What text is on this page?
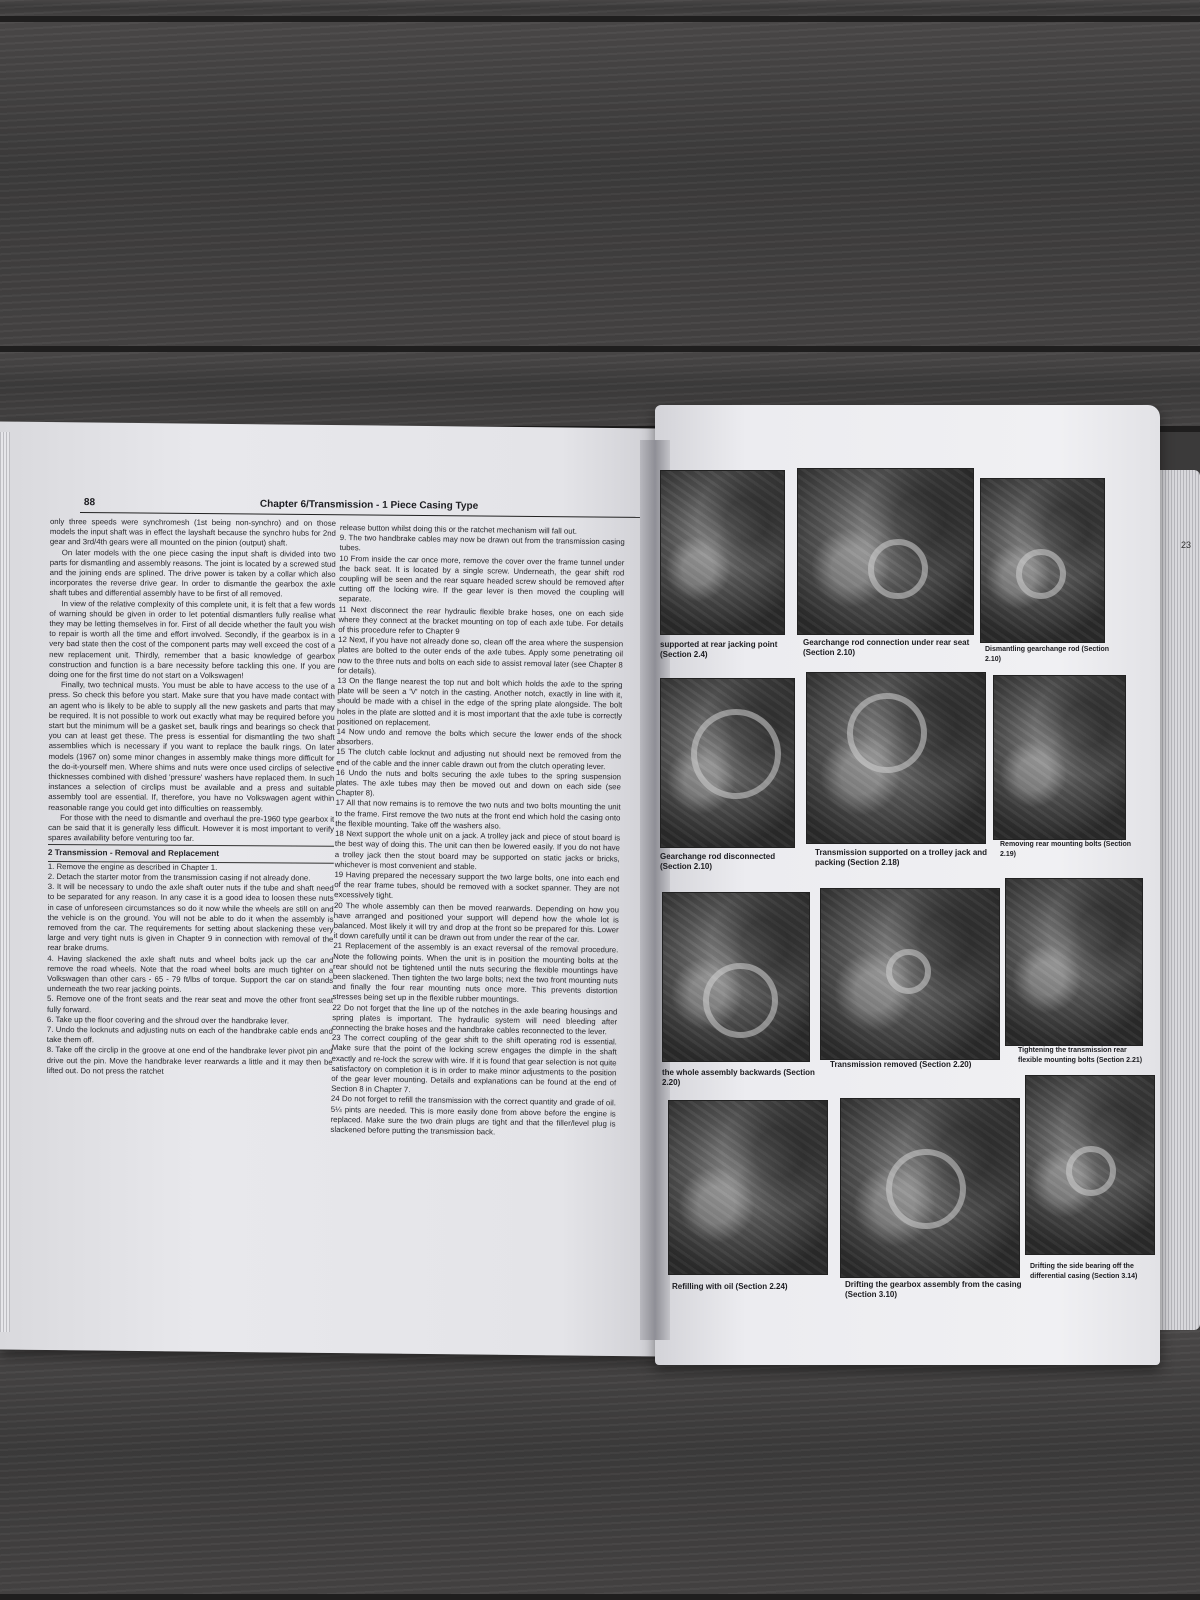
23
88	Chapter 6/Transmission - 1 Piece Casing Type

only three speeds were synchromesh (1st being non-synchro) and on those models the input shaft was in effect the layshaft because the synchro hubs for 2nd gear and 3rd/4th gears were all mounted on the pinion (output) shaft.

On later models with the one piece casing the input shaft is divided into two parts for dismantling and assembly reasons. The joint is located by a screwed stud and the joining ends are splined. The drive power is taken by a collar which also incorporates the reverse drive gear. In order to dismantle the gearbox the axle shaft tubes and differential assembly have to be first of all removed.

In view of the relative complexity of this complete unit, it is felt that a few words of warning should be given in order to let potential dismantlers fully realise what they may be letting themselves in for. First of all decide whether the fault you wish to repair is worth all the time and effort involved. Secondly, if the gearbox is in a very bad state then the cost of the component parts may well exceed the cost of a new replacement unit. Thirdly, remember that a basic knowledge of gearbox construction and function is a bare necessity before tackling this one. If you are doing one for the first time do not start on a Volkswagen!

Finally, two technical musts. You must be able to have access to the use of a press. So check this before you start. Make sure that you have made contact with an agent who is likely to be able to supply all the new gaskets and parts that may be required. It is not possible to work out exactly what may be required before you start but the minimum will be a gasket set, baulk rings and bearings so check that you can at least get these. The press is essential for dismantling the two shaft assemblies which is necessary if you want to replace the baulk rings. On later models (1967 on) some minor changes in assembly make things more difficult for the do-it-yourself men. Where shims and nuts were once used circlips of selective thicknesses combined with dished 'pressure' washers have replaced them. In such instances a selection of circlips must be available and a press and suitable assembly tool are essential. If, therefore, you have no Volkswagen agent within reasonable range you could get into difficulties on reassembly.

For those with the need to dismantle and overhaul the pre-1960 type gearbox it can be said that it is generally less difficult. However it is most important to verify spares availability before venturing too far.

2 Transmission - Removal and Replacement

1. Remove the engine as described in Chapter 1.

2. Detach the starter motor from the transmission casing if not already done.

3. It will be necessary to undo the axle shaft outer nuts if the tube and shaft need to be separated for any reason. In any case it is a good idea to loosen these nuts in case of unforeseen circumstances so do it now while the wheels are still on and the vehicle is on the ground. You will not be able to do it when the assembly is removed from the car. The requirements for setting about slackening these very large and very tight nuts is given in Chapter 9 in connection with removal of the rear brake drums.

4. Having slackened the axle shaft nuts and wheel bolts jack up the car and remove the road wheels. Note that the road wheel bolts are much tighter on a Volkswagen than other cars - 65 - 79 ft/lbs of torque. Support the car on stands underneath the two rear jacking points.

5. Remove one of the front seats and the rear seat and move the other front seat fully forward.

6. Take up the floor covering and the shroud over the handbrake lever.

7. Undo the locknuts and adjusting nuts on each of the handbrake cable ends and take them off.

8. Take off the circlip in the groove at one end of the handbrake lever pivot pin and drive out the pin. Move the handbrake lever rearwards a little and it may then be lifted out. Do not press the ratchet

release button whilst doing this or the ratchet mechanism will fall out.

9. The two handbrake cables may now be drawn out from the transmission casing tubes.

10 From inside the car once more, remove the cover over the frame tunnel under the back seat. It is located by a single screw. Underneath, the gear shift rod coupling will be seen and the rear square headed screw should be removed after cutting off the locking wire. If the gear lever is then moved the coupling will separate.

11 Next disconnect the rear hydraulic flexible brake hoses, one on each side where they connect at the bracket mounting on top of each axle tube. For details of this procedure refer to Chapter 9

12 Next, if you have not already done so, clean off the area where the suspension plates are bolted to the outer ends of the axle tubes. Apply some penetrating oil now to the three nuts and bolts on each side to assist removal later (see Chapter 8 for details).

13 On the flange nearest the top nut and bolt which holds the axle to the spring plate will be seen a 'V' notch in the casting. Another notch, exactly in line with it, should be made with a chisel in the edge of the spring plate alongside. The bolt holes in the plate are slotted and it is most important that the axle tube is correctly positioned on replacement.

14 Now undo and remove the bolts which secure the lower ends of the shock absorbers.

15 The clutch cable locknut and adjusting nut should next be removed from the end of the cable and the inner cable drawn out from the clutch operating lever.

16 Undo the nuts and bolts securing the axle tubes to the spring suspension plates. The axle tubes may then be moved out and down on each side (see Chapter 8).

17 All that now remains is to remove the two nuts and two bolts mounting the unit to the frame. First remove the two nuts at the front end which hold the casing onto the flexible mounting. Take off the washers also.

18 Next support the whole unit on a jack. A trolley jack and piece of stout board is the best way of doing this. The unit can then be lowered easily. If you do not have a trolley jack then the stout board may be supported on static jacks or bricks, whichever is most convenient and stable.

19 Having prepared the necessary support the two large bolts, one into each end of the rear frame tubes, should be removed with a socket spanner. They are not excessively tight.

20 The whole assembly can then be moved rearwards. Depending on how you have arranged and positioned your support will depend how the whole lot is balanced. Most likely it will try and drop at the front so be prepared for this. Lower it down carefully until it can be drawn out from under the rear of the car.

21 Replacement of the assembly is an exact reversal of the removal procedure. Note the following points. When the unit is in position the mounting bolts at the rear should not be tightened until the nuts securing the flexible mountings have been slackened. Then tighten the two large bolts; next the two front mounting nuts and finally the four rear mounting nuts once more. This prevents distortion stresses being set up in the flexible rubber mountings.

22 Do not forget that the line up of the notches in the axle bearing housings and spring plates is important. The hydraulic system will need bleeding after connecting the brake hoses and the handbrake cables reconnected to the lever.

23 The correct coupling of the gear shift to the shift operating rod is essential. Make sure that the point of the locking screw engages the dimple in the shaft exactly and re-lock the screw with wire. If it is found that gear selection is not quite satisfactory on completion it is in order to make minor adjustments to the position of the gear lever mounting. Details and explanations can be found at the end of Section 8 in Chapter 7.

24 Do not forget to refill the transmission with the correct quantity and grade of oil. 5¼ pints are needed. This is more easily done from above before the engine is replaced. Make sure the two drain plugs are tight and that the filler/level plug is slackened before putting the transmission back.

supported at rear jacking point (Section 2.4)
Gearchange rod connection under rear seat (Section 2.10)	Dismantling gearchange rod (Section 2.10)
Gearchange rod disconnected (Section 2.10)
Transmission supported on a trolley jack and packing (Section 2.18)
Removing rear mounting bolts (Section 2.19)
the whole assembly backwards (Section 2.20)
Transmission removed (Section 2.20)
Tightening the transmission rear flexible mounting bolts (Section 2.21)
Refilling with oil (Section 2.24)	Drifting the gearbox assembly from the casing (Section 3.10)
Drifting the side bearing off the differential casing (Section 3.14)
